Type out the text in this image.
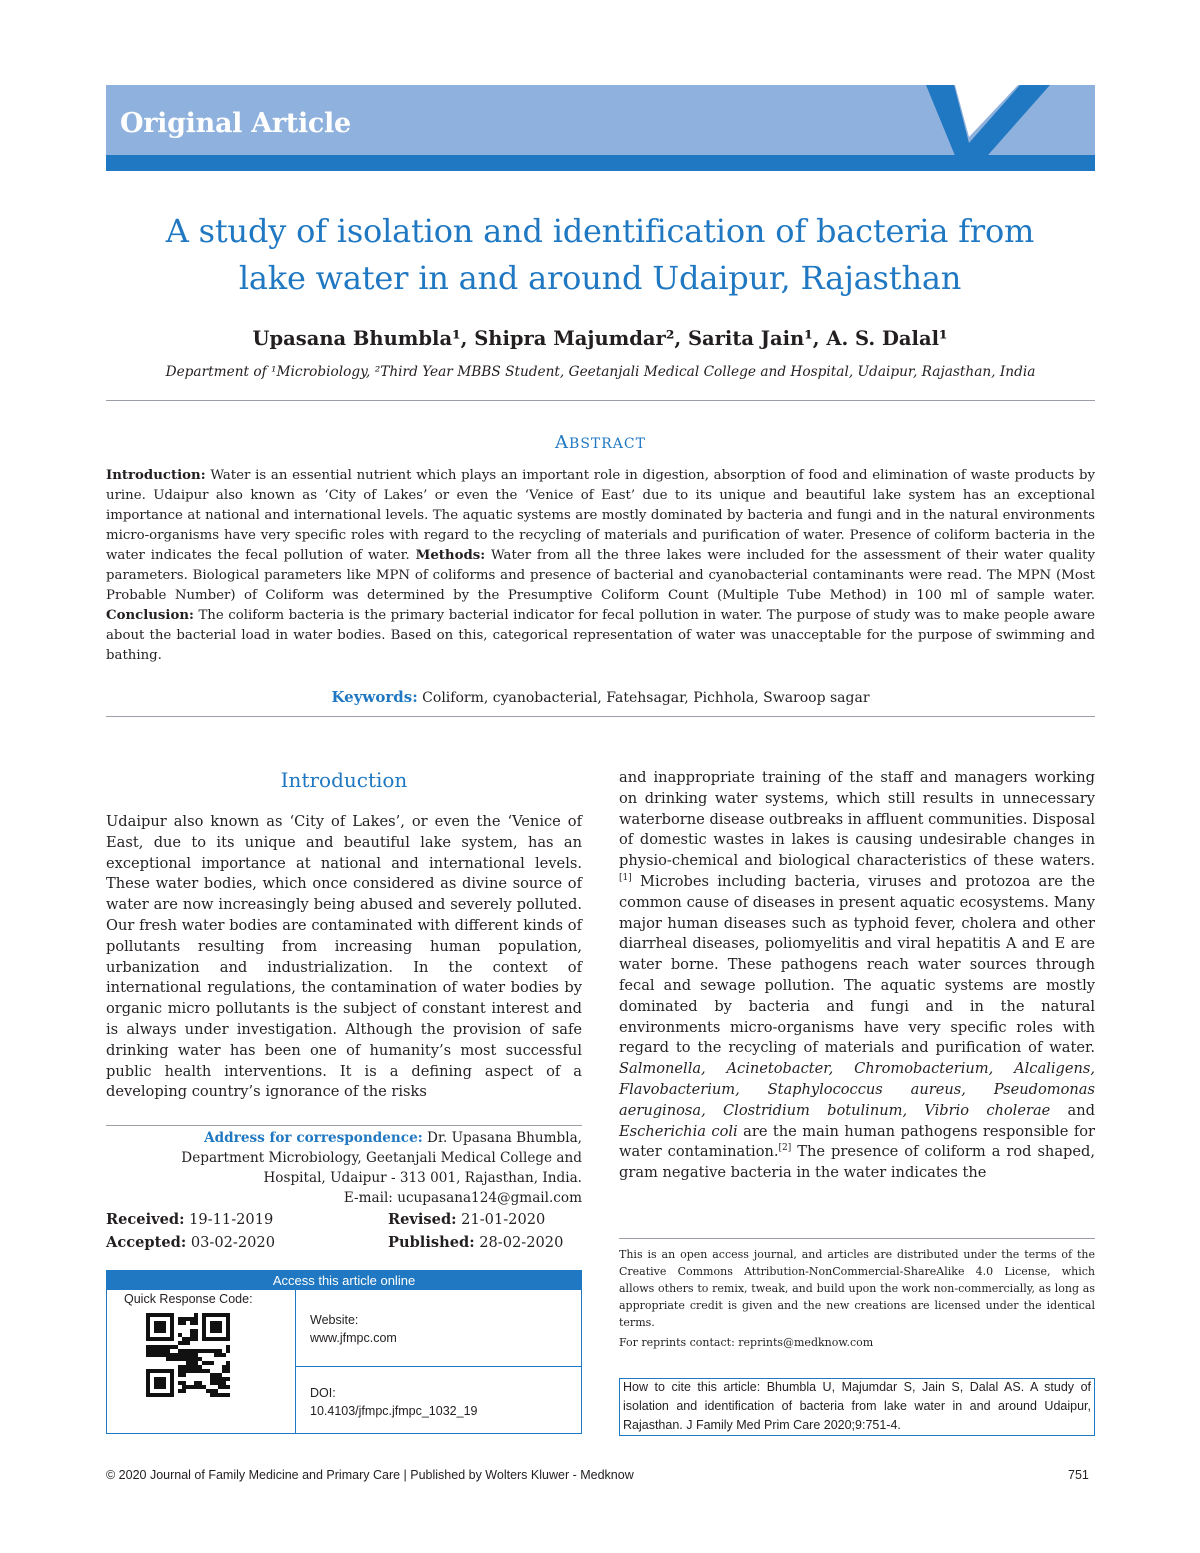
Original Article
A study of isolation and identification of bacteria from
lake water in and around Udaipur, Rajasthan
Upasana Bhumbla¹, Shipra Majumdar², Sarita Jain¹, A. S. Dalal¹
Department of ¹Microbiology, ²Third Year MBBS Student, Geetanjali Medical College and Hospital, Udaipur, Rajasthan, India
ABSTRACT
Introduction: Water is an essential nutrient which plays an important role in digestion, absorption of food and elimination of waste products by urine. Udaipur also known as ‘City of Lakes’ or even the ‘Venice of East’ due to its unique and beautiful lake system has an exceptional importance at national and international levels. The aquatic systems are mostly dominated by bacteria and fungi and in the natural environments micro-organisms have very specific roles with regard to the recycling of materials and purification of water. Presence of coliform bacteria in the water indicates the fecal pollution of water. Methods: Water from all the three lakes were included for the assessment of their water quality parameters. Biological parameters like MPN of coliforms and presence of bacterial and cyanobacterial contaminants were read. The MPN (Most Probable Number) of Coliform was determined by the Presumptive Coliform Count (Multiple Tube Method) in 100 ml of sample water. Conclusion: The coliform bacteria is the primary bacterial indicator for fecal pollution in water. The purpose of study was to make people aware about the bacterial load in water bodies. Based on this, categorical representation of water was unacceptable for the purpose of swimming and bathing.
Keywords: Coliform, cyanobacterial, Fatehsagar, Pichhola, Swaroop sagar
Introduction
Udaipur also known as ‘City of Lakes’, or even the ‘Venice of East, due to its unique and beautiful lake system, has an exceptional importance at national and international levels. These water bodies, which once considered as divine source of water are now increasingly being abused and severely polluted. Our fresh water bodies are contaminated with different kinds of pollutants resulting from increasing human population, urbanization and industrialization. In the context of international regulations, the contamination of water bodies by organic micro pollutants is the subject of constant interest and is always under investigation. Although the provision of safe drinking water has been one of humanity’s most successful public health interventions. It is a defining aspect of a developing country’s ignorance of the risks
and inappropriate training of the staff and managers working on drinking water systems, which still results in unnecessary waterborne disease outbreaks in affluent communities. Disposal of domestic wastes in lakes is causing undesirable changes in physio-chemical and biological characteristics of these waters.[1] Microbes including bacteria, viruses and protozoa are the common cause of diseases in present aquatic ecosystems. Many major human diseases such as typhoid fever, cholera and other diarrheal diseases, poliomyelitis and viral hepatitis A and E are water borne. These pathogens reach water sources through fecal and sewage pollution. The aquatic systems are mostly dominated by bacteria and fungi and in the natural environments micro-organisms have very specific roles with regard to the recycling of materials and purification of water. Salmonella, Acinetobacter, Chromobacterium, Alcaligens, Flavobacterium, Staphylococcus aureus, Pseudomonas aeruginosa, Clostridium botulinum, Vibrio cholerae and Escherichia coli are the main human pathogens responsible for water contamination.[2] The presence of coliform a rod shaped, gram negative bacteria in the water indicates the
Address for correspondence: Dr. Upasana Bhumbla,
Department Microbiology, Geetanjali Medical College and
Hospital, Udaipur - 313 001, Rajasthan, India.
E-mail: ucupasana124@gmail.com
Received: 19-11-2019	Revised: 21-01-2020
Accepted: 03-02-2020	Published: 28-02-2020
Access this article online
Quick Response Code:
Website:
www.jfmpc.com
DOI:
10.4103/jfmpc.jfmpc_1032_19
This is an open access journal, and articles are distributed under the terms of the Creative Commons Attribution-NonCommercial-ShareAlike 4.0 License, which allows others to remix, tweak, and build upon the work non-commercially, as long as appropriate credit is given and the new creations are licensed under the identical terms.
For reprints contact: reprints@medknow.com
How to cite this article: Bhumbla U, Majumdar S, Jain S, Dalal AS. A study of isolation and identification of bacteria from lake water in and around Udaipur, Rajasthan. J Family Med Prim Care 2020;9:751-4.
© 2020 Journal of Family Medicine and Primary Care | Published by Wolters Kluwer - Medknow	751
